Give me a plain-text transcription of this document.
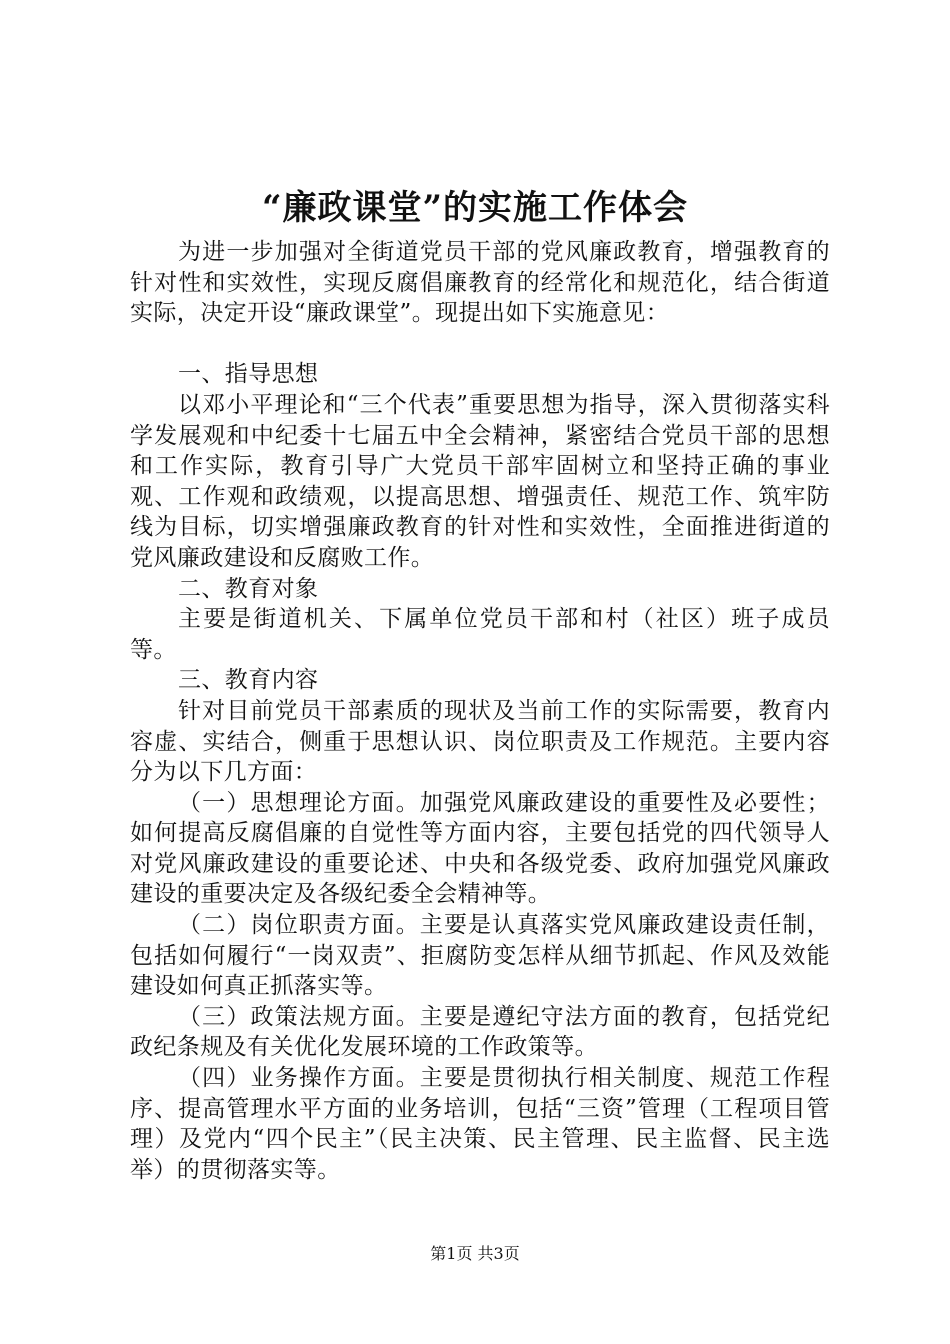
“廉政课堂”的实施工作体会

为进一步加强对全街道党员干部的党风廉政教育，增强教育的针对性和实效性，实现反腐倡廉教育的经常化和规范化，结合街道实际，决定开设“廉政课堂”。现提出如下实施意见：

一、指导思想

以邓小平理论和“三个代表”重要思想为指导，深入贯彻落实科学发展观和中纪委十七届五中全会精神，紧密结合党员干部的思想和工作实际，教育引导广大党员干部牢固树立和坚持正确的事业观、工作观和政绩观，以提高思想、增强责任、规范工作、筑牢防线为目标，切实增强廉政教育的针对性和实效性，全面推进街道的党风廉政建设和反腐败工作。

二、教育对象

主要是街道机关、下属单位党员干部和村（社区）班子成员等。

三、教育内容

针对目前党员干部素质的现状及当前工作的实际需要，教育内容虚、实结合，侧重于思想认识、岗位职责及工作规范。主要内容分为以下几方面：

（一）思想理论方面。加强党风廉政建设的重要性及必要性；如何提高反腐倡廉的自觉性等方面内容，主要包括党的四代领导人对党风廉政建设的重要论述、中央和各级党委、政府加强党风廉政建设的重要决定及各级纪委全会精神等。

（二）岗位职责方面。主要是认真落实党风廉政建设责任制，包括如何履行“一岗双责”、拒腐防变怎样从细节抓起、作风及效能建设如何真正抓落实等。

（三）政策法规方面。主要是遵纪守法方面的教育，包括党纪政纪条规及有关优化发展环境的工作政策等。

（四）业务操作方面。主要是贯彻执行相关制度、规范工作程序、提高管理水平方面的业务培训，包括“三资”管理（工程项目管理）及党内“四个民主”（民主决策、民主管理、民主监督、民主选举）的贯彻落实等。

第1页 共3页
